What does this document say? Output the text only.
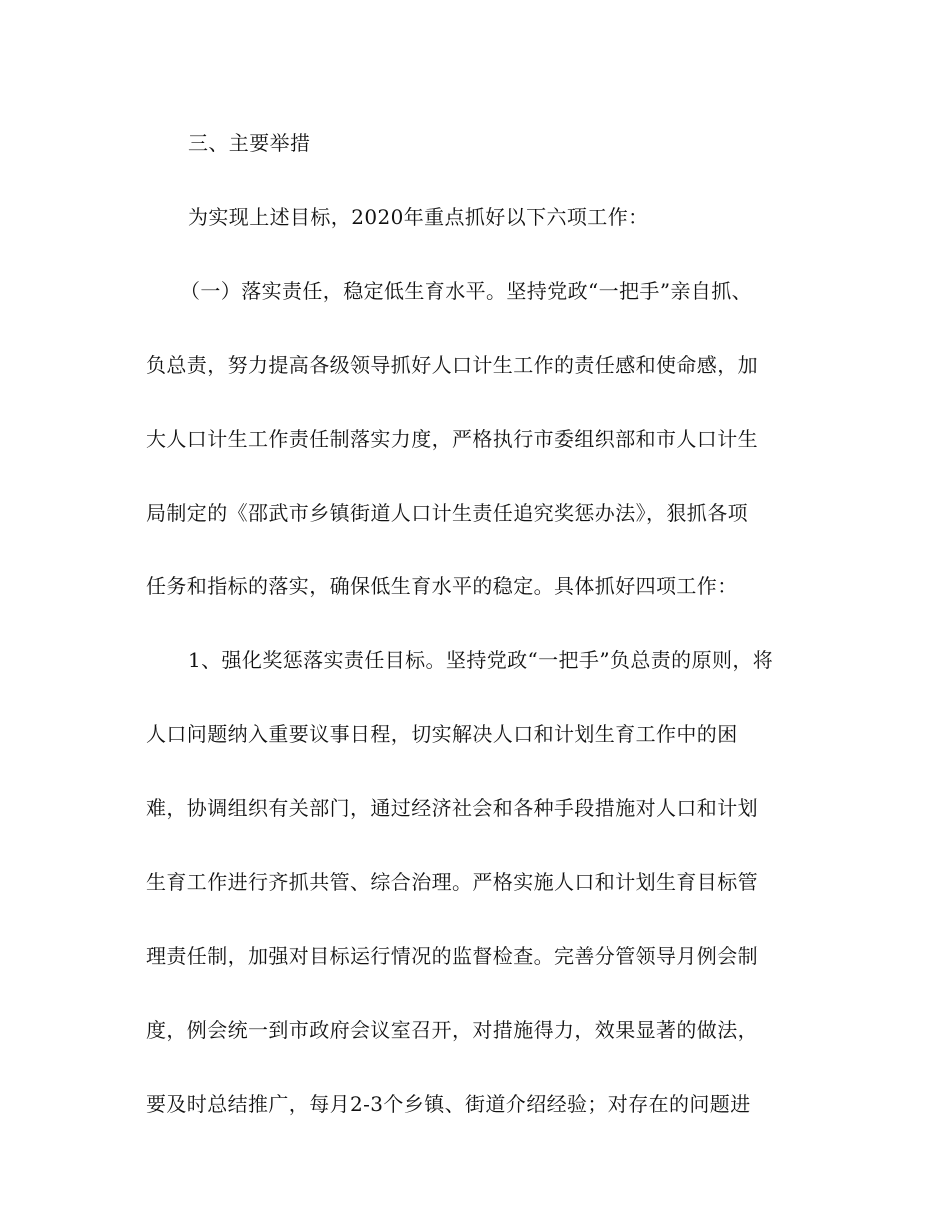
三、主要举措
为实现上述目标，2020年重点抓好以下六项工作：
（一）落实责任，稳定低生育水平。坚持党政“一把手”亲自抓、
负总责，努力提高各级领导抓好人口计生工作的责任感和使命感，加
大人口计生工作责任制落实力度，严格执行市委组织部和市人口计生
局制定的《邵武市乡镇街道人口计生责任追究奖惩办法》，狠抓各项
任务和指标的落实，确保低生育水平的稳定。具体抓好四项工作：
1、强化奖惩落实责任目标。坚持党政“一把手”负总责的原则，将
人口问题纳入重要议事日程，切实解决人口和计划生育工作中的困
难，协调组织有关部门，通过经济社会和各种手段措施对人口和计划
生育工作进行齐抓共管、综合治理。严格实施人口和计划生育目标管
理责任制，加强对目标运行情况的监督检查。完善分管领导月例会制
度，例会统一到市政府会议室召开，对措施得力，效果显著的做法，
要及时总结推广，每月2-3个乡镇、街道介绍经验；对存在的问题进
